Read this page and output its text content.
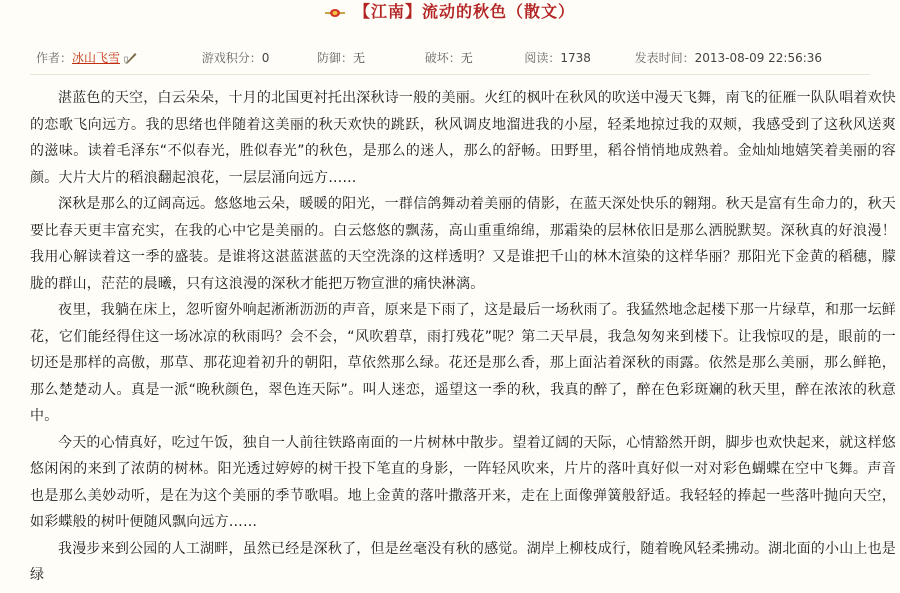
【江南】流动的秋色（散文）
作者：冰山飞雪	游戏积分：0	防御：无	破坏：无	阅读：1738	发表时间：2013-08-09 22:56:36

湛蓝色的天空，白云朵朵，十月的北国更衬托出深秋诗一般的美丽。火红的枫叶在秋风的吹送中漫天飞舞，南飞的征雁一队队唱着欢快的恋歌飞向远方。我的思绪也伴随着这美丽的秋天欢快的跳跃，秋风调皮地溜进我的小屋，轻柔地掠过我的双颊，我感受到了这秋风送爽的滋味。读着毛泽东“不似春光，胜似春光”的秋色，是那么的迷人，那么的舒畅。田野里，稻谷悄悄地成熟着。金灿灿地嬉笑着美丽的容颜。大片大片的稻浪翻起浪花，一层层涌向远方……

深秋是那么的辽阔高远。悠悠地云朵，暖暖的阳光，一群信鸽舞动着美丽的倩影，在蓝天深处快乐的翱翔。秋天是富有生命力的，秋天要比春天更丰富充实，在我的心中它是美丽的。白云悠悠的飘荡，高山重重绵绵，那霜染的层林依旧是那么洒脱默契。深秋真的好浪漫！我用心解读着这一季的盛装。是谁将这湛蓝湛蓝的天空洗涤的这样透明？又是谁把千山的林木渲染的这样华丽？那阳光下金黄的稻穗，朦胧的群山，茫茫的晨曦，只有这浪漫的深秋才能把万物宣泄的痛快淋漓。

夜里，我躺在床上，忽听窗外响起淅淅沥沥的声音，原来是下雨了，这是最后一场秋雨了。我猛然地念起楼下那一片绿草，和那一坛鲜花，它们能经得住这一场冰凉的秋雨吗？会不会，“风吹碧草，雨打残花”呢？第二天早晨，我急匆匆来到楼下。让我惊叹的是，眼前的一切还是那样的高傲，那草、那花迎着初升的朝阳，草依然那么绿。花还是那么香，那上面沾着深秋的雨露。依然是那么美丽，那么鲜艳，那么楚楚动人。真是一派“晚秋颜色，翠色连天际”。叫人迷恋，遥望这一季的秋，我真的醉了，醉在色彩斑斓的秋天里，醉在浓浓的秋意中。

今天的心情真好，吃过午饭，独自一人前往铁路南面的一片树林中散步。望着辽阔的天际，心情豁然开朗，脚步也欢快起来，就这样悠悠闲闲的来到了浓荫的树林。阳光透过婷婷的树干投下笔直的身影，一阵轻风吹来，片片的落叶真好似一对对彩色蝴蝶在空中飞舞。声音也是那么美妙动听，是在为这个美丽的季节歌唱。地上金黄的落叶撒落开来，走在上面像弹簧般舒适。我轻轻的捧起一些落叶抛向天空，如彩蝶般的树叶便随风飘向远方……

我漫步来到公园的人工湖畔，虽然已经是深秋了，但是丝毫没有秋的感觉。湖岸上柳枝成行，随着晚风轻柔拂动。湖北面的小山上也是绿
